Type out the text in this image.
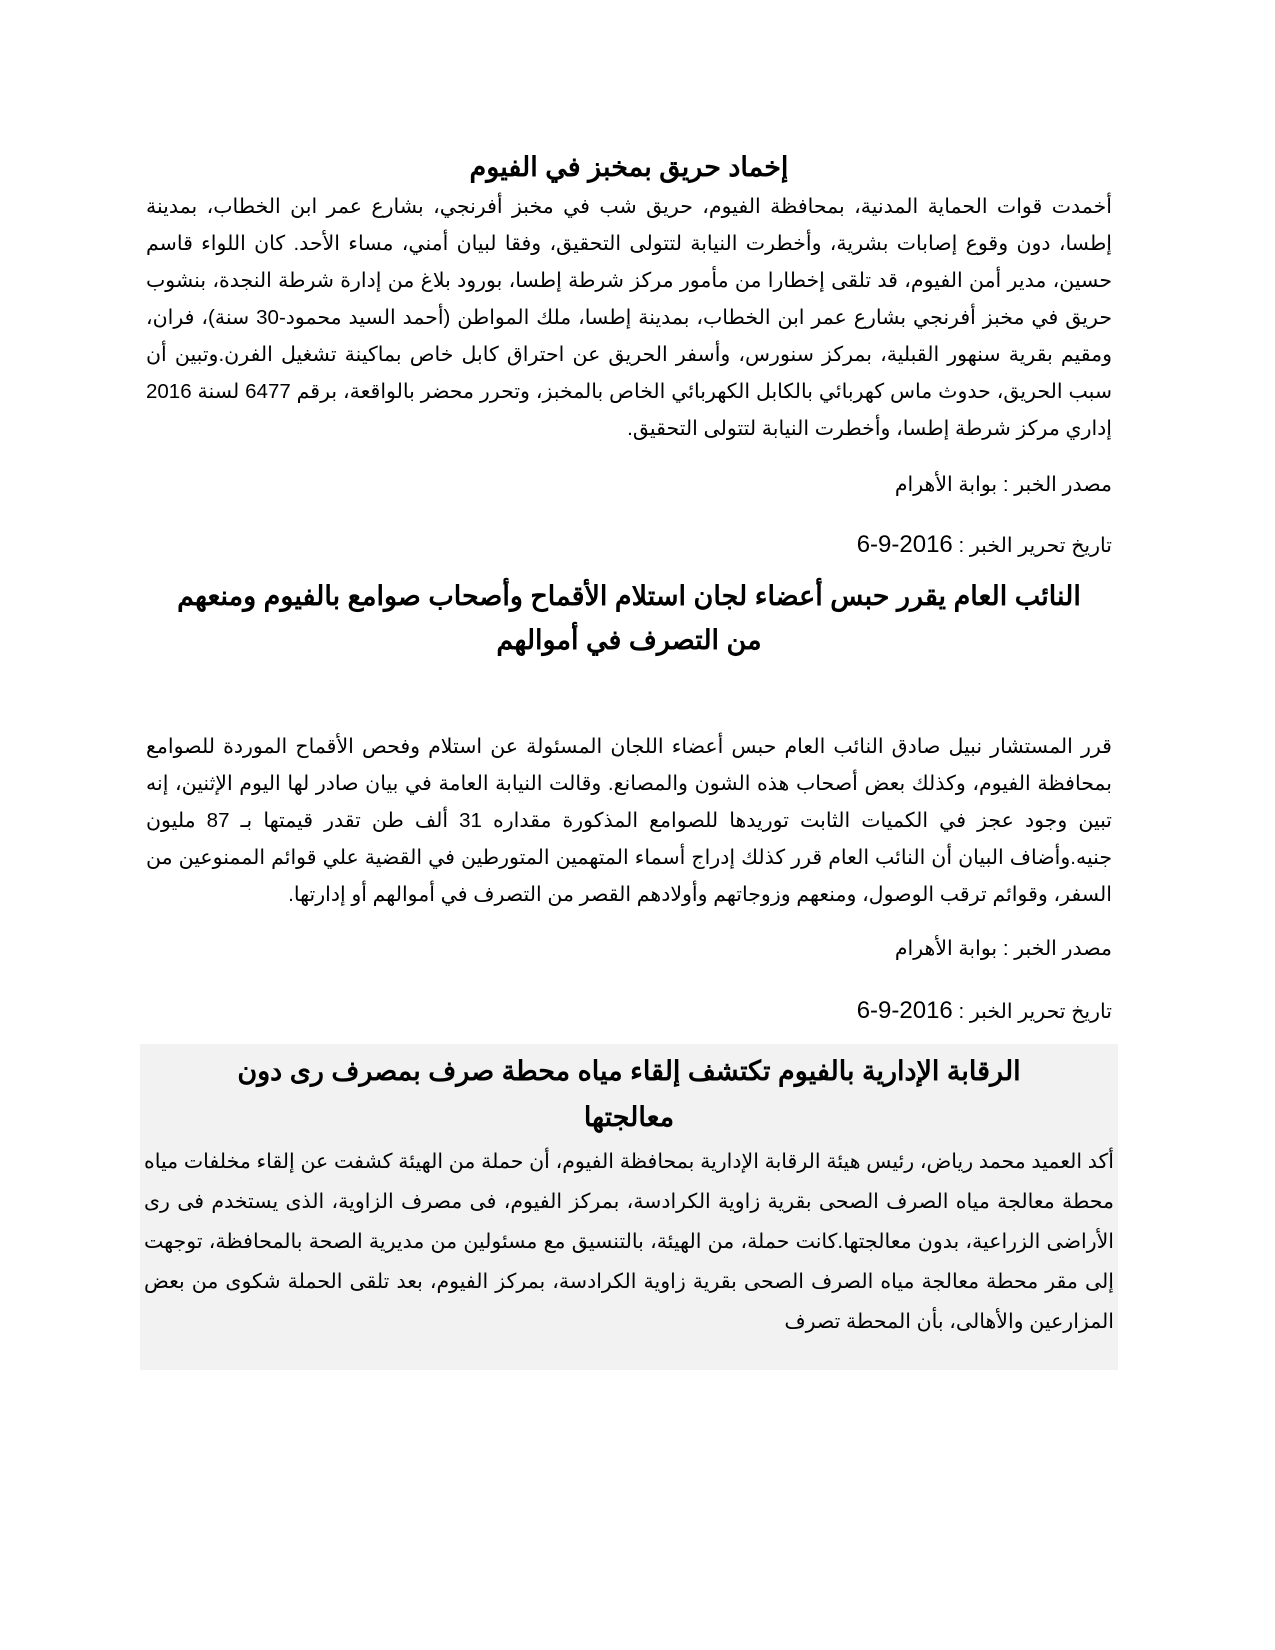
إخماد حريق بمخبز في الفيوم

أخمدت قوات الحماية المدنية، بمحافظة الفيوم، حريق شب في مخبز أفرنجي، بشارع عمر ابن الخطاب، بمدينة إطسا، دون وقوع إصابات بشرية، وأخطرت النيابة لتتولى التحقيق، وفقا لبيان أمني، مساء الأحد. كان اللواء قاسم حسين، مدير أمن الفيوم، قد تلقى إخطارا من مأمور مركز شرطة إطسا، بورود بلاغ من إدارة شرطة النجدة، بنشوب حريق في مخبز أفرنجي بشارع عمر ابن الخطاب، بمدينة إطسا، ملك المواطن (أحمد السيد محمود-30 سنة)، فران، ومقيم بقرية سنهور القبلية، بمركز سنورس، وأسفر الحريق عن احتراق كابل خاص بماكينة تشغيل الفرن.وتبين أن سبب الحريق، حدوث ماس كهربائي بالكابل الكهربائي الخاص بالمخبز، وتحرر محضر بالواقعة، برقم 6477 لسنة 2016 إداري مركز شرطة إطسا، وأخطرت النيابة لتتولى التحقيق.

مصدر الخبر : بوابة الأهرام

تاريخ تحرير الخبر : 6-9-2016

النائب العام يقرر حبس أعضاء لجان استلام الأقماح وأصحاب صوامع بالفيوم ومنعهم من التصرف في أموالهم

قرر المستشار نبيل صادق النائب العام حبس أعضاء اللجان المسئولة عن استلام وفحص الأقماح الموردة للصوامع بمحافظة الفيوم، وكذلك بعض أصحاب هذه الشون والمصانع. وقالت النيابة العامة في بيان صادر لها اليوم الإثنين، إنه تبين وجود عجز في الكميات الثابت توريدها للصوامع المذكورة مقداره 31 ألف طن تقدر قيمتها بـ 87 مليون جنيه.وأضاف البيان أن النائب العام قرر كذلك إدراج أسماء المتهمين المتورطين في القضية علي قوائم الممنوعين من السفر، وقوائم ترقب الوصول، ومنعهم وزوجاتهم وأولادهم القصر من التصرف في أموالهم أو إدارتها.

مصدر الخبر : بوابة الأهرام

تاريخ تحرير الخبر : 6-9-2016

الرقابة الإدارية بالفيوم تكتشف إلقاء مياه محطة صرف بمصرف رى دون معالجتها

أكد العميد محمد رياض، رئيس هيئة الرقابة الإدارية بمحافظة الفيوم، أن حملة من الهيئة كشفت عن إلقاء مخلفات مياه محطة معالجة مياه الصرف الصحى بقرية زاوية الكرادسة، بمركز الفيوم، فى مصرف الزاوية، الذى يستخدم فى رى الأراضى الزراعية، بدون معالجتها.كانت حملة، من الهيئة، بالتنسيق مع مسئولين من مديرية الصحة بالمحافظة، توجهت إلى مقر محطة معالجة مياه الصرف الصحى بقرية زاوية الكرادسة، بمركز الفيوم، بعد تلقى الحملة شكوى من بعض المزارعين والأهالى، بأن المحطة تصرف
